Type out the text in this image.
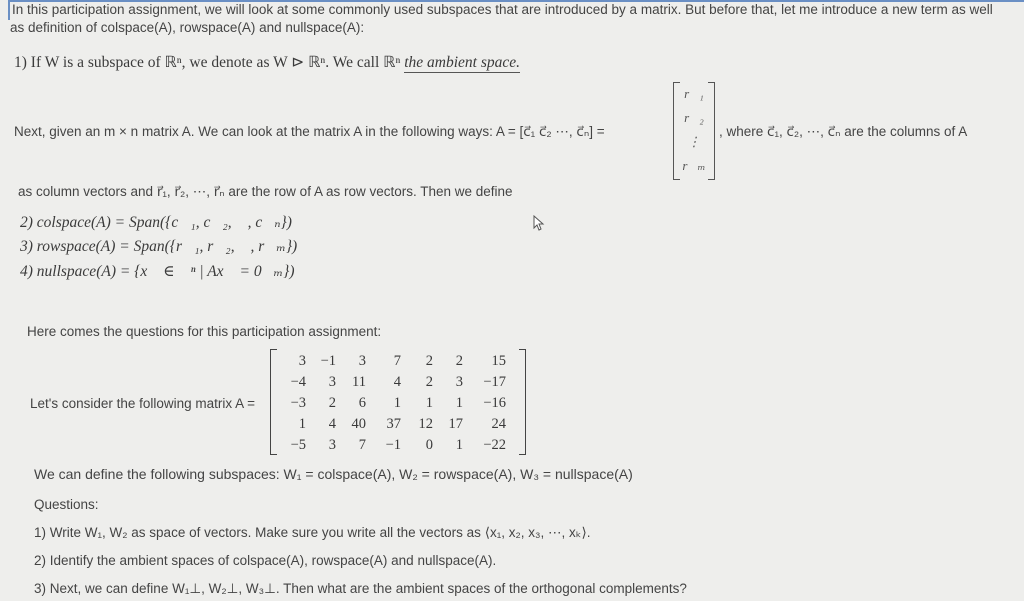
In this participation assignment, we will look at some commonly used subspaces that are introduced by a matrix. But before that, let me introduce a new term as well
as definition of colspace(A), rowspace(A) and nullspace(A):
1) If W is a subspace of ℝⁿ, we denote as W ⊳ ℝⁿ. We call ℝⁿ the ambient space.
Next, given an m × n matrix A. We can look at the matrix A in the following ways: A = [c⃗₁ c⃗₂ ⋯, c⃗ₙ] =
r⃗₁
r⃗₂
⋮
r⃗ₘ
, where c⃗₁, c⃗₂, ⋯, c⃗ₙ are the columns of A
as column vectors and r⃗₁, r⃗₂, ⋯, r⃗ₙ are the row of A as row vectors. Then we define
2) colspace(A) = Span({c⃗₁, c⃗₂, ⋯, c⃗ₙ})
3) rowspace(A) = Span({r⃗₁, r⃗₂, ⋯, r⃗ₘ})
4) nullspace(A) = {x⃗ ∈ ℝⁿ | Ax⃗ = 0⃗ₘ})
Here comes the questions for this participation assignment:
Let's consider the following matrix A =
3	−1	3	7	2	2	15
−4	3	11	4	2	3	−17
−3	2	6	1	1	1	−16
1	4	40	37	12	17	24
−5	3	7	−1	0	1	−22
We can define the following subspaces: W₁ = colspace(A), W₂ = rowspace(A), W₃ = nullspace(A)
Questions:
1) Write W₁, W₂ as space of vectors. Make sure you write all the vectors as ⟨x₁, x₂, x₃, ⋯, xₖ⟩.
2) Identify the ambient spaces of colspace(A), rowspace(A) and nullspace(A).
3) Next, we can define W₁⊥, W₂⊥, W₃⊥. Then what are the ambient spaces of the orthogonal complements?
